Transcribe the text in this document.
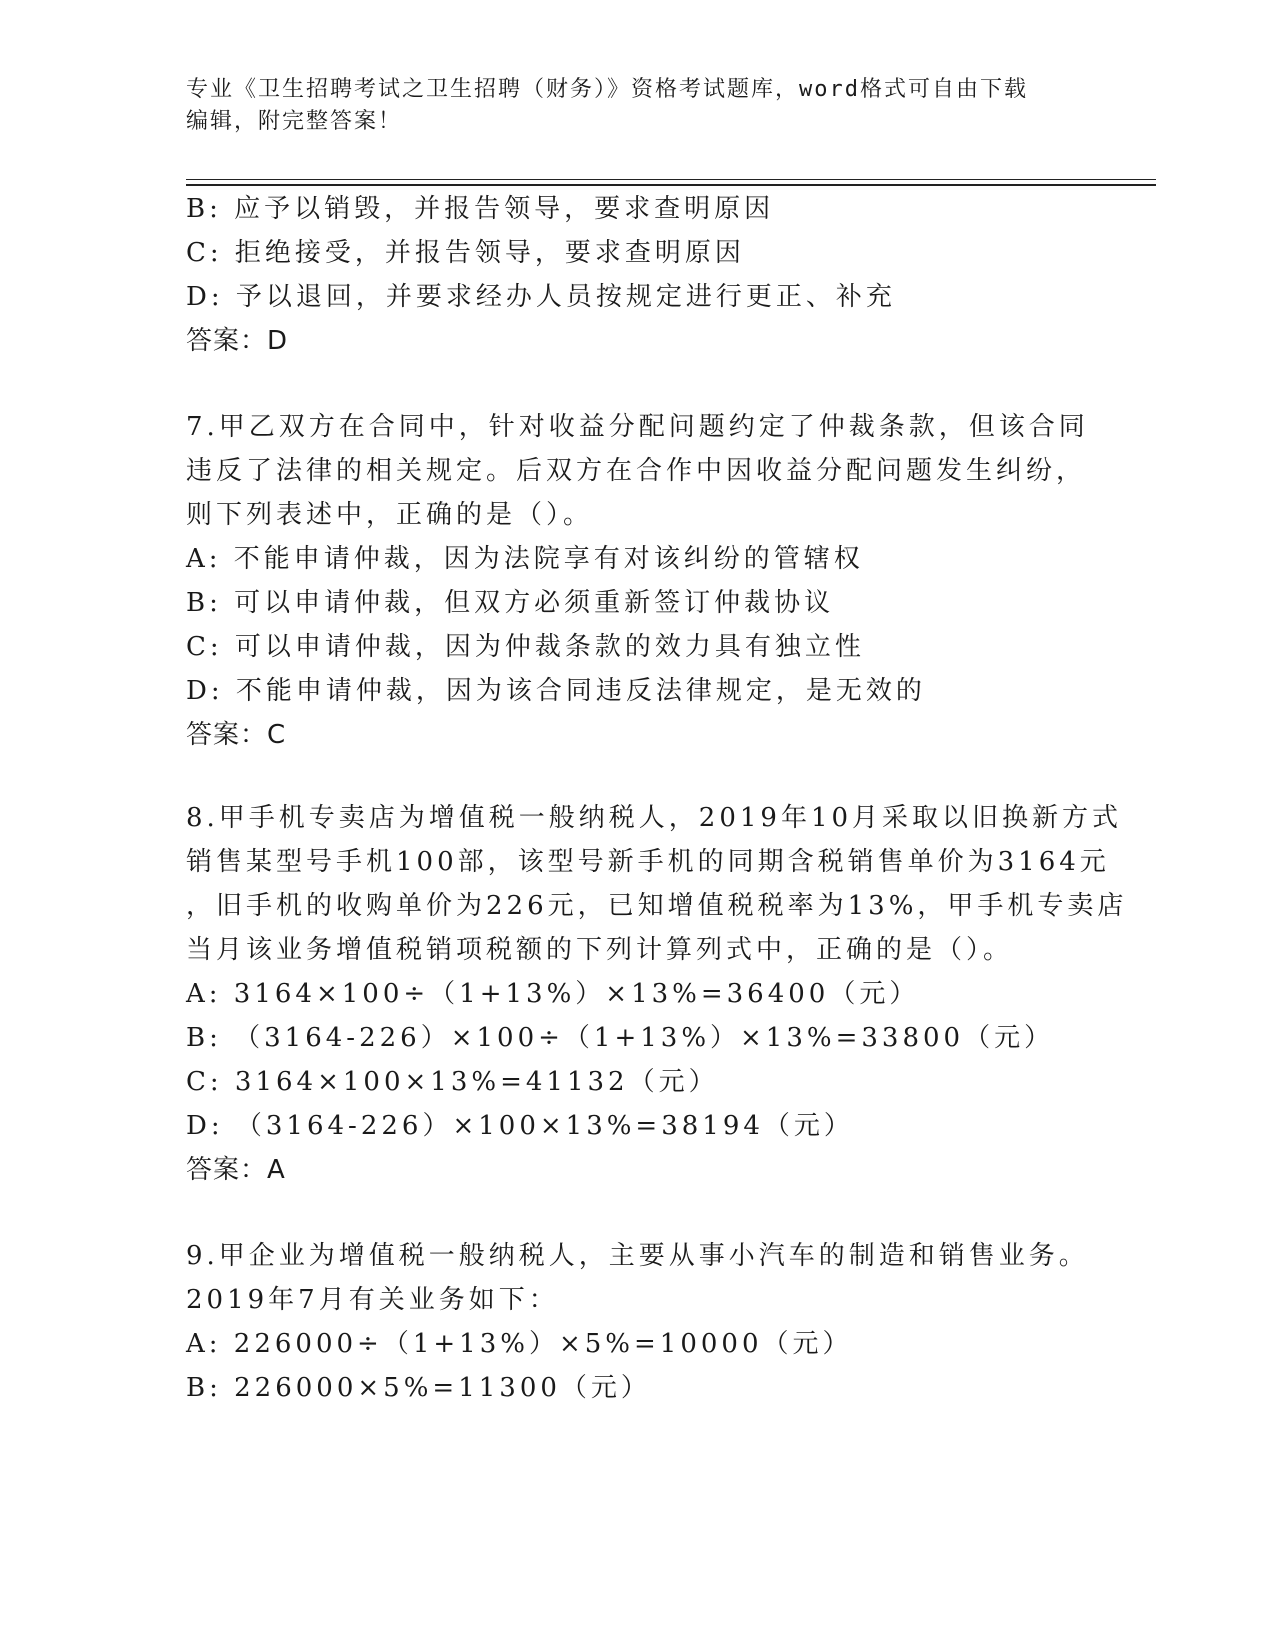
专业《卫生招聘考试之卫生招聘（财务）》资格考试题库，word格式可自由下载
编辑，附完整答案！
B: 应予以销毁，并报告领导，要求查明原因
C: 拒绝接受，并报告领导，要求查明原因
D: 予以退回，并要求经办人员按规定进行更正、补充
答案：D
7.甲乙双方在合同中，针对收益分配问题约定了仲裁条款，但该合同
违反了法律的相关规定。后双方在合作中因收益分配问题发生纠纷，
则下列表述中，正确的是（）。
A: 不能申请仲裁，因为法院享有对该纠纷的管辖权
B: 可以申请仲裁，但双方必须重新签订仲裁协议
C: 可以申请仲裁，因为仲裁条款的效力具有独立性
D: 不能申请仲裁，因为该合同违反法律规定，是无效的
答案：C
8.甲手机专卖店为增值税一般纳税人，2019年10月采取以旧换新方式
销售某型号手机100部，该型号新手机的同期含税销售单价为3164元
，旧手机的收购单价为226元，已知增值税税率为13%，甲手机专卖店
当月该业务增值税销项税额的下列计算列式中，正确的是（）。
A: 3164×100÷（1+13%）×13%=36400（元）
B: （3164-226）×100÷（1+13%）×13%=33800（元）
C: 3164×100×13%=41132（元）
D: （3164-226）×100×13%=38194（元）
答案：A
9.甲企业为增值税一般纳税人，主要从事小汽车的制造和销售业务。
2019年7月有关业务如下：
A: 226000÷（1+13%）×5%=10000（元）
B: 226000×5%=11300（元）
